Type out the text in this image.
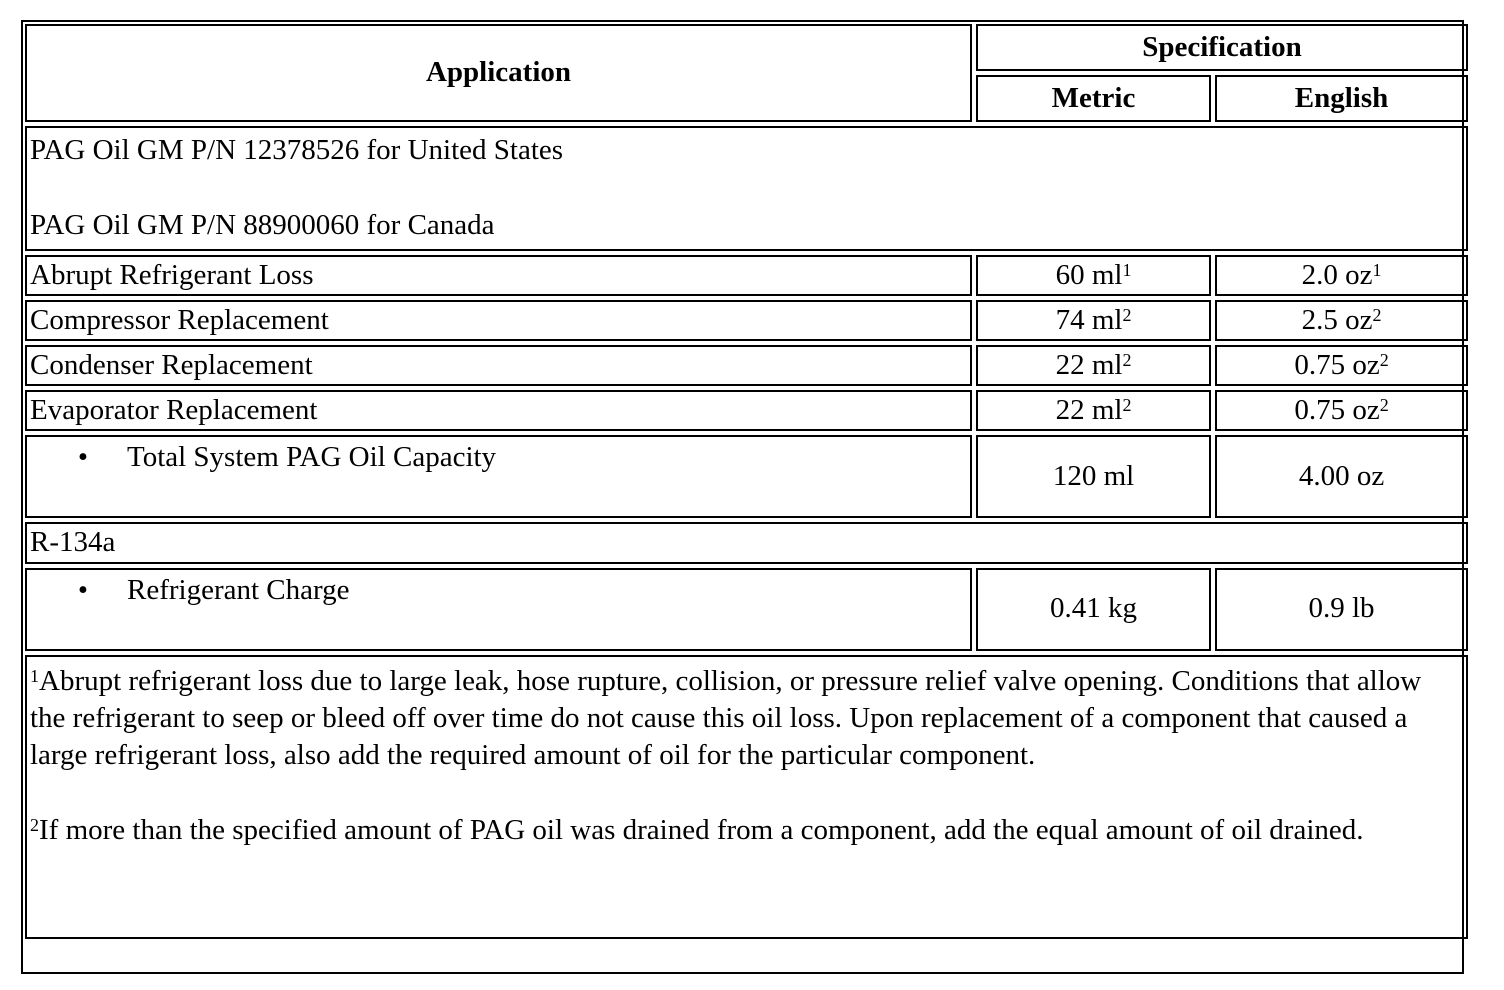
Application	Specification	
	Metric	English

PAG Oil GM P/N 12378526 for United States

PAG Oil GM P/N 88900060 for Canada		

Abrupt Refrigerant Loss	60 ml$^1$	2.0 oz$^1$
Compressor Replacement	74 ml$^2$	2.5 oz$^2$
Condenser Replacement	22 ml$^2$	0.75 oz$^2$
Evaporator Replacement	22 ml$^2$	0.75 oz$^2$

• Total System PAG Oil Capacity	120 ml	4.00 oz
R-134a		

• Refrigerant Charge	0.41 kg	0.9 lb

$^1$Abrupt refrigerant loss due to large leak, hose rupture, collision, or pressure relief valve opening. Conditions that allow the refrigerant to seep or bleed off over time do not cause this oil loss. Upon replacement of a component that caused a large refrigerant loss, also add the required amount of oil for the particular component.

$^2$If more than the specified amount of PAG oil was drained from a component, add the equal amount of oil drained.		
